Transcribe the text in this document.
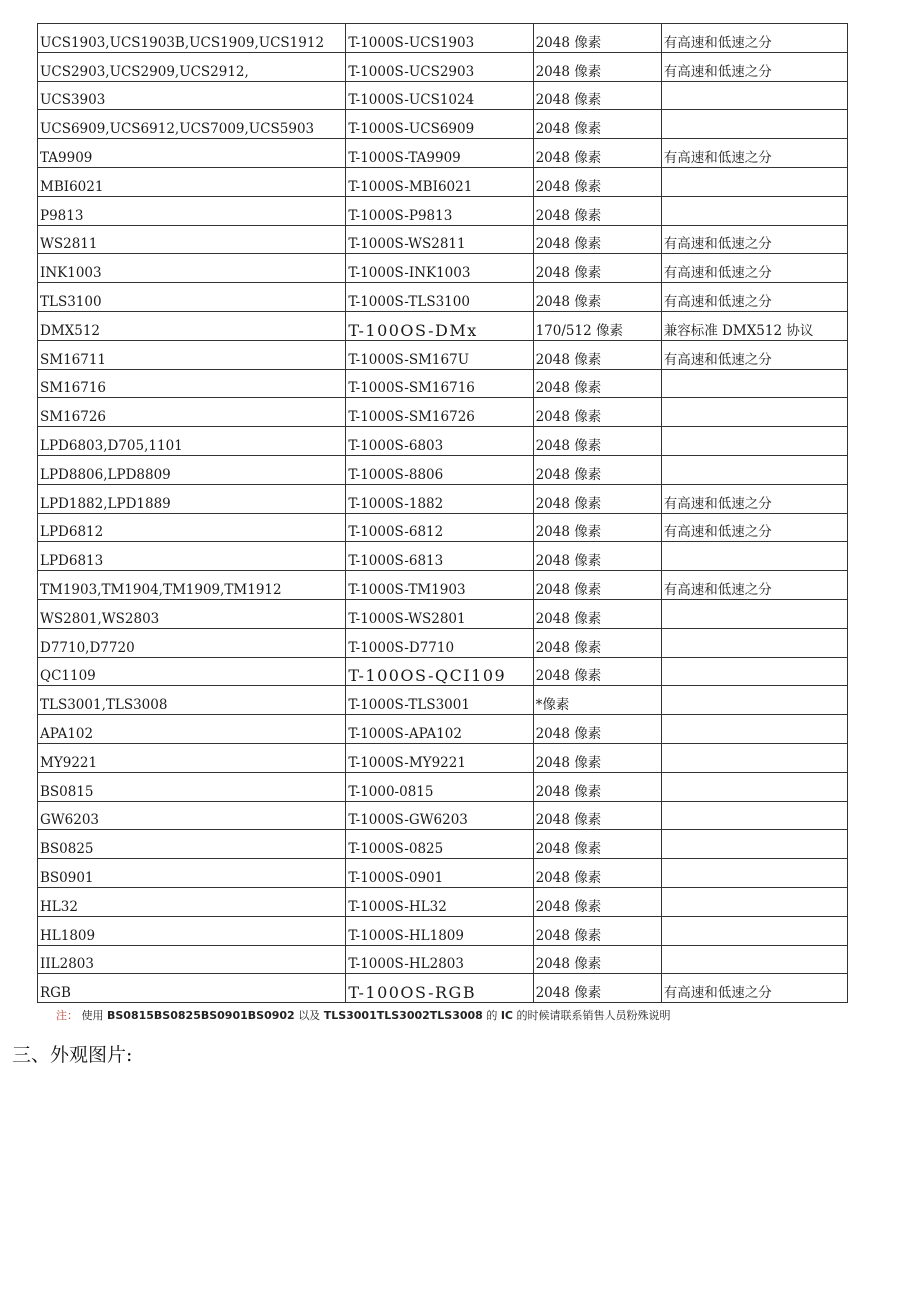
UCS1903,UCS1903B,UCS1909,UCS1912	T-1000S-UCS1903	2048 像素	有高速和低速之分
UCS2903,UCS2909,UCS2912,	T-1000S-UCS2903	2048 像素	有高速和低速之分
UCS3903	T-1000S-UCS1024	2048 像素	
UCS6909,UCS6912,UCS7009,UCS5903	T-1000S-UCS6909	2048 像素	
TA9909	T-1000S-TA9909	2048 像素	有高速和低速之分
MBI6021	T-1000S-MBI6021	2048 像素	
P9813	T-1000S-P9813	2048 像素	
WS2811	T-1000S-WS2811	2048 像素	有高速和低速之分
INK1003	T-1000S-INK1003	2048 像素	有高速和低速之分
TLS3100	T-1000S-TLS3100	2048 像素	有高速和低速之分
DMX512	T-100OS-DMx	170/512 像素	兼容标准 DMX512 协议
SM16711	T-1000S-SM167U	2048 像素	有高速和低速之分
SM16716	T-1000S-SM16716	2048 像素	
SM16726	T-1000S-SM16726	2048 像素	
LPD6803,D705,1101	T-1000S-6803	2048 像素	
LPD8806,LPD8809	T-1000S-8806	2048 像素	
LPD1882,LPD1889	T-1000S-1882	2048 像素	有高速和低速之分
LPD6812	T-1000S-6812	2048 像素	有高速和低速之分
LPD6813	T-1000S-6813	2048 像素	
TM1903,TM1904,TM1909,TM1912	T-1000S-TM1903	2048 像素	有高速和低速之分
WS2801,WS2803	T-1000S-WS2801	2048 像素	
D7710,D7720	T-1000S-D7710	2048 像素	
QC1109	T-100OS-QCI109	2048 像素	
TLS3001,TLS3008	T-1000S-TLS3001	*像素	
APA102	T-1000S-APA102	2048 像素	
MY9221	T-1000S-MY9221	2048 像素	
BS0815	T-1000-0815	2048 像素	
GW6203	T-1000S-GW6203	2048 像素	
BS0825	T-1000S-0825	2048 像素	
BS0901	T-1000S-0901	2048 像素	
HL32	T-1000S-HL32	2048 像素	
HL1809	T-1000S-HL1809	2048 像素	
IIL2803	T-1000S-HL2803	2048 像素	
RGB	T-100OS-RGB	2048 像素	有高速和低速之分
注： 使用 BS0815BS0825BS0901BS0902 以及 TLS3001TLS3002TLS3008 的 IC 的时候请联系销售人员粉殊说明
三、外观图片:
